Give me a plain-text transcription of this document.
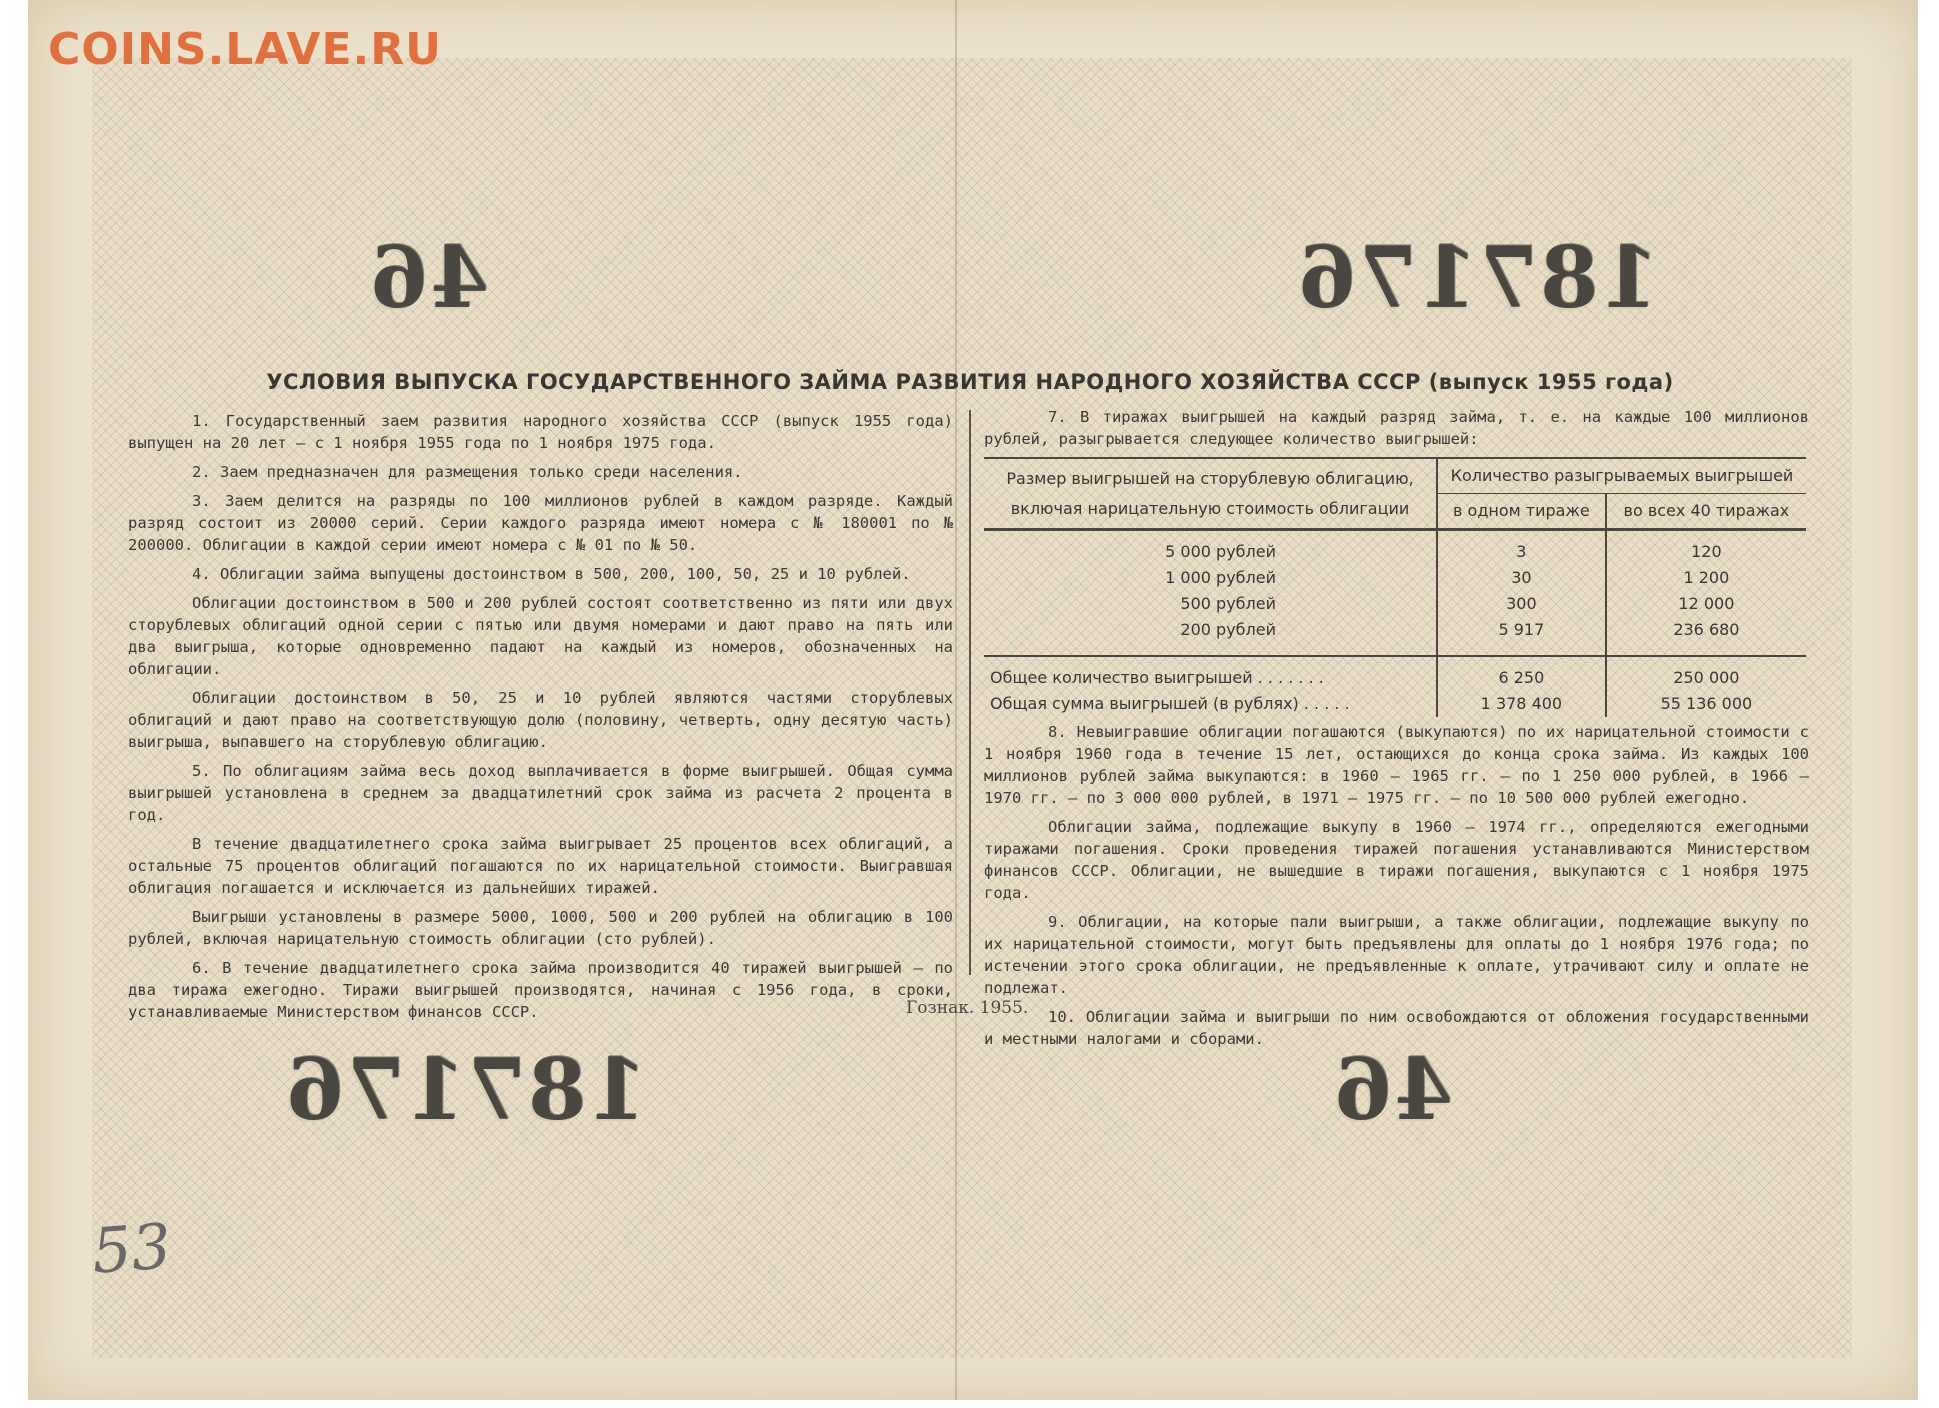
COINS.LAVE.RU
46	187176
187176	46
УСЛОВИЯ ВЫПУСКА ГОСУДАРСТВЕННОГО ЗАЙМА РАЗВИТИЯ НАРОДНОГО ХОЗЯЙСТВА СССР (выпуск 1955 года)

1. Государственный заем развития народного хозяйства СССР (выпуск 1955 года) выпущен на 20 лет — с 1 ноября 1955 года по 1 ноября 1975 года.

2. Заем предназначен для размещения только среди населения.

3. Заем делится на разряды по 100 миллионов рублей в каждом разряде. Каждый разряд состоит из 20000 серий. Серии каждого разряда имеют номера с № 180001 по № 200000. Облигации в каждой серии имеют номера с № 01 по № 50.

4. Облигации займа выпущены достоинством в 500, 200, 100, 50, 25 и 10 рублей.

Облигации достоинством в 500 и 200 рублей состоят соответственно из пяти или двух сторублевых облигаций одной серии с пятью или двумя номерами и дают право на пять или два выигрыша, которые одновременно падают на каждый из номеров, обозначенных на облигации.

Облигации достоинством в 50, 25 и 10 рублей являются частями сторублевых облигаций и дают право на соответствующую долю (половину, четверть, одну десятую часть) выигрыша, выпавшего на сторублевую облигацию.

5. По облигациям займа весь доход выплачивается в форме выигрышей. Общая сумма выигрышей установлена в среднем за двадцатилетний срок займа из расчета 2 процента в год.

В течение двадцатилетнего срока займа выигрывает 25 процентов всех облигаций, а остальные 75 процентов облигаций погашаются по их нарицательной стоимости. Выигравшая облигация погашается и исключается из дальнейших тиражей.

Выигрыши установлены в размере 5000, 1000, 500 и 200 рублей на облигацию в 100 рублей, включая нарицательную стоимость облигации (сто рублей).

6. В течение двадцатилетнего срока займа производится 40 тиражей выигрышей — по два тиража ежегодно. Тиражи выигрышей производятся, начиная с 1956 года, в сроки, устанавливаемые Министерством финансов СССР.

7. В тиражах выигрышей на каждый разряд займа, т. е. на каждые 100 миллионов рублей, разыгрывается следующее количество выигрышей:

Размер выигрышей на сторублевую облигацию, включая нарицательную стоимость облигации	Количество разыгрываемых выигрышей	
	в одном тираже	во всех 40 тиражах
5 000 рублей	3	120
1 000 рублей	30	1 200
500 рублей	300	12 000
200 рублей	5 917	236 680
Общее количество выигрышей . . . . . . .	6 250	250 000
Общая сумма выигрышей (в рублях) . . . . .	1 378 400	55 136 000

8. Невыигравшие облигации погашаются (выкупаются) по их нарицательной стоимости с 1 ноября 1960 года в течение 15 лет, остающихся до конца срока займа. Из каждых 100 миллионов рублей займа выкупаются: в 1960 — 1965 гг. — по 1 250 000 рублей, в 1966 — 1970 гг. — по 3 000 000 рублей, в 1971 — 1975 гг. — по 10 500 000 рублей ежегодно.

Облигации займа, подлежащие выкупу в 1960 — 1974 гг., определяются ежегодными тиражами погашения. Сроки проведения тиражей погашения устанавливаются Министерством финансов СССР. Облигации, не вышедшие в тиражи погашения, выкупаются с 1 ноября 1975 года.

9. Облигации, на которые пали выигрыши, а также облигации, подлежащие выкупу по их нарицательной стоимости, могут быть предъявлены для оплаты до 1 ноября 1976 года; по истечении этого срока облигации, не предъявленные к оплате, утрачивают силу и оплате не подлежат.

10. Облигации займа и выигрыши по ним освобождаются от обложения государственными и местными налогами и сборами.

Гознак. 1955.
53
